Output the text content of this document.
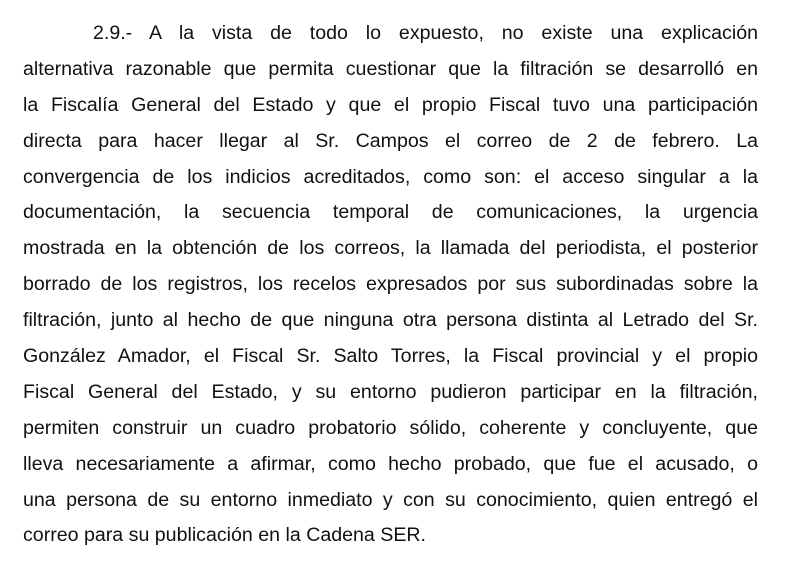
2.9.- A la vista de todo lo expuesto, no existe una explicación
alternativa razonable que permita cuestionar que la filtración se desarrolló en
la Fiscalía General del Estado y que el propio Fiscal tuvo una participación
directa para hacer llegar al Sr. Campos el correo de 2 de febrero. La
convergencia de los indicios acreditados, como son: el acceso singular a la
documentación, la secuencia temporal de comunicaciones, la urgencia
mostrada en la obtención de los correos, la llamada del periodista, el posterior
borrado de los registros, los recelos expresados por sus subordinadas sobre la
filtración, junto al hecho de que ninguna otra persona distinta al Letrado del Sr.
González Amador, el Fiscal Sr. Salto Torres, la Fiscal provincial y el propio
Fiscal General del Estado, y su entorno pudieron participar en la filtración,
permiten construir un cuadro probatorio sólido, coherente y concluyente, que
lleva necesariamente a afirmar, como hecho probado, que fue el acusado, o
una persona de su entorno inmediato y con su conocimiento, quien entregó el
correo para su publicación en la Cadena SER.
